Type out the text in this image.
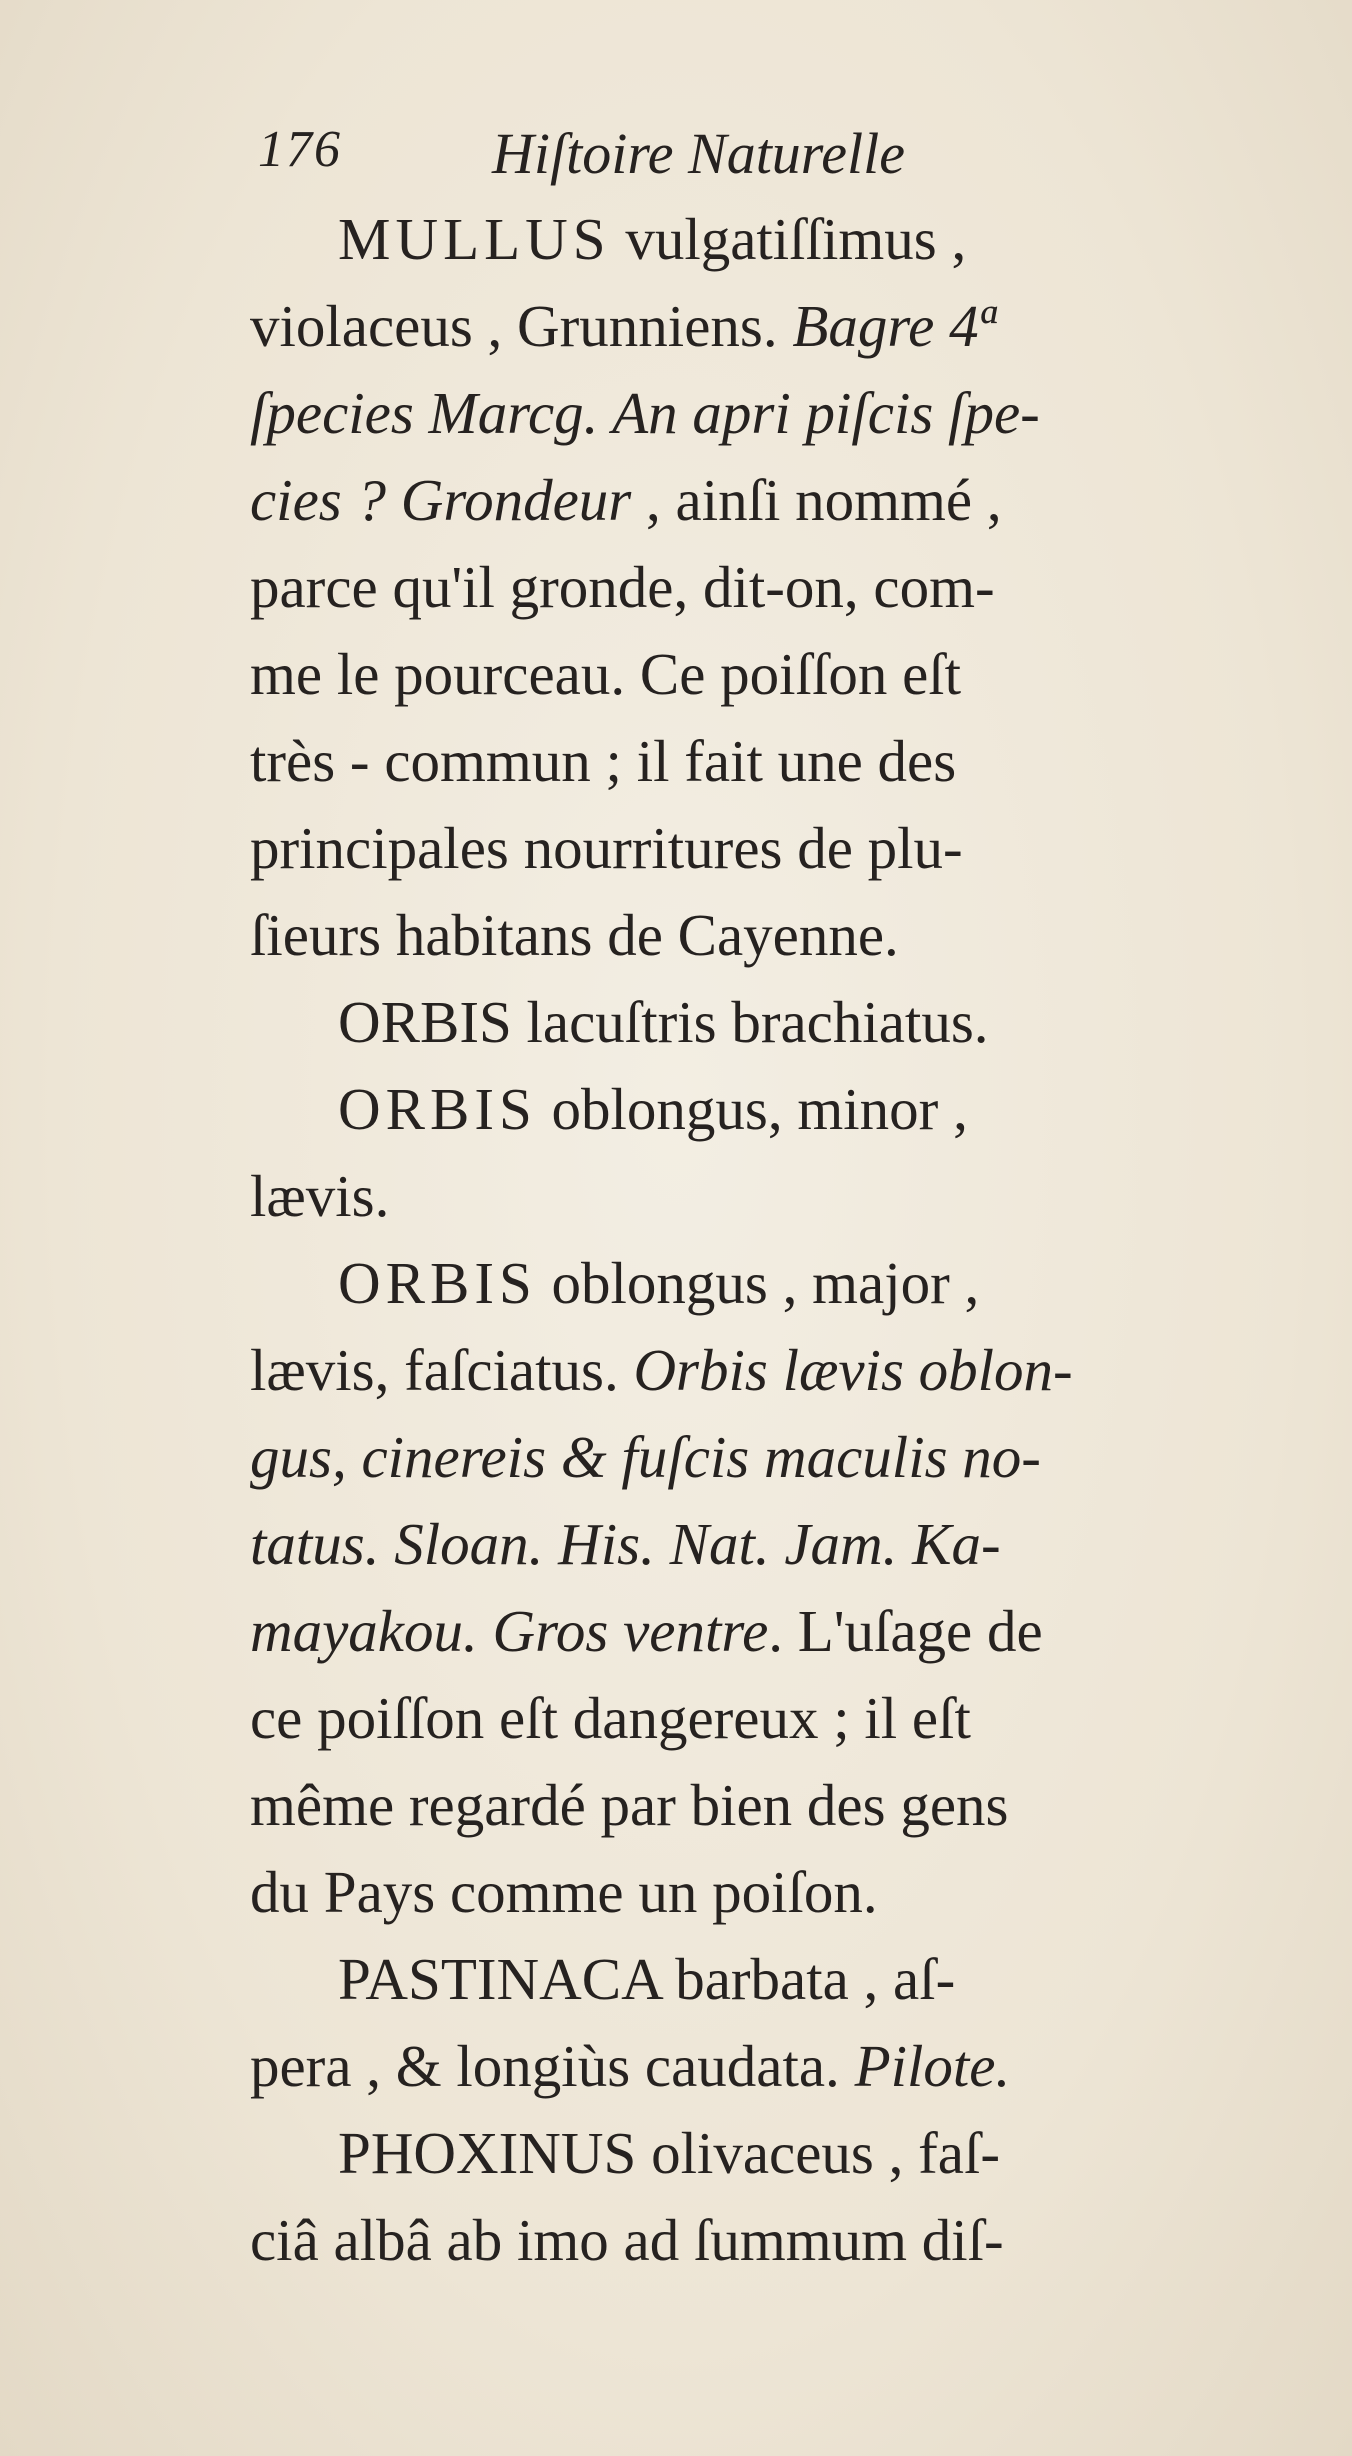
176	Hiſtoire Naturelle
MULLUS vulgatiſſimus ,
violaceus , Grunniens. Bagre 4ª
ſpecies Marcg. An apri piſcis ſpe-
cies ? Grondeur , ainſi nommé ,
parce qu'il gronde, dit-on, com-
me le pourceau. Ce poiſſon eſt
très - commun ; il fait une des
principales nourritures de plu-
ſieurs habitans de Cayenne.
ORBIS lacuſtris brachiatus.
ORBIS oblongus, minor ,
lævis.
ORBIS oblongus , major ,
lævis, faſciatus. Orbis lævis oblon-
gus, cinereis & fuſcis maculis no-
tatus. Sloan. His. Nat. Jam. Ka-
mayakou. Gros ventre. L'uſage de
ce poiſſon eſt dangereux ; il eſt
même regardé par bien des gens
du Pays comme un poiſon.
PASTINACA barbata , aſ-
pera , & longiùs caudata. Pilote.
PHOXINUS olivaceus , faſ-
ciâ albâ ab imo ad ſummum diſ-
